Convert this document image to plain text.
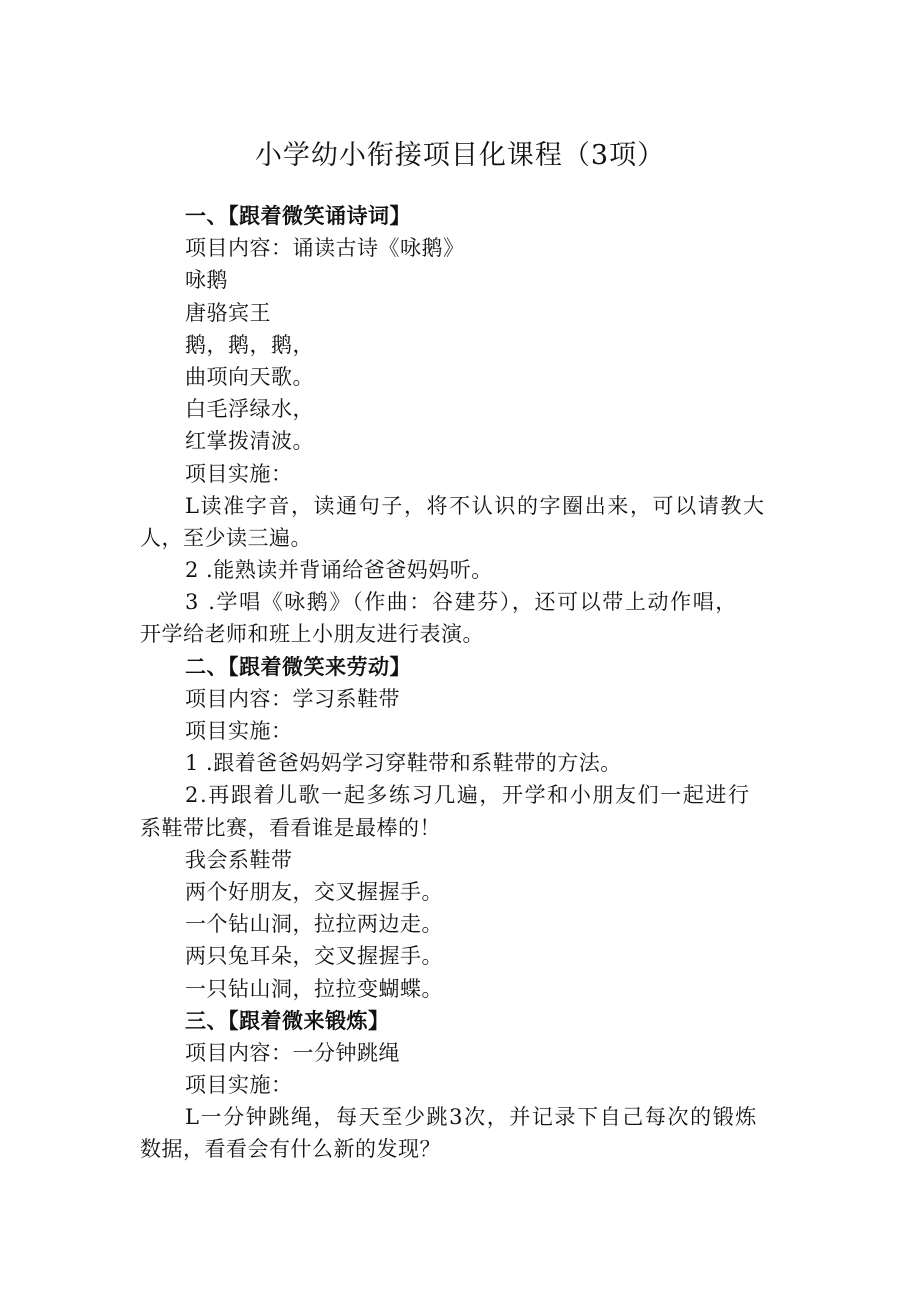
小学幼小衔接项目化课程（3项）
一、【跟着微笑诵诗词】
项目内容：诵读古诗《咏鹅》
咏鹅
唐骆宾王
鹅，鹅，鹅，
曲项向天歌。
白毛浮绿水，
红掌拨清波。
项目实施：
L读准字音，读通句子，将不认识的字圈出来，可以请教大
人，至少读三遍。
2 .能熟读并背诵给爸爸妈妈听。
3 .学唱《咏鹅》（作曲：谷建芬），还可以带上动作唱，
开学给老师和班上小朋友进行表演。
二、【跟着微笑来劳动】
项目内容：学习系鞋带
项目实施：
1 .跟着爸爸妈妈学习穿鞋带和系鞋带的方法。
2.再跟着儿歌一起多练习几遍，开学和小朋友们一起进行
系鞋带比赛，看看谁是最棒的！
我会系鞋带
两个好朋友，交叉握握手。
一个钻山洞，拉拉两边走。
两只兔耳朵，交叉握握手。
一只钻山洞，拉拉变蝴蝶。
三、【跟着微来锻炼】
项目内容：一分钟跳绳
项目实施：
L一分钟跳绳，每天至少跳3次，并记录下自己每次的锻炼
数据，看看会有什么新的发现？
